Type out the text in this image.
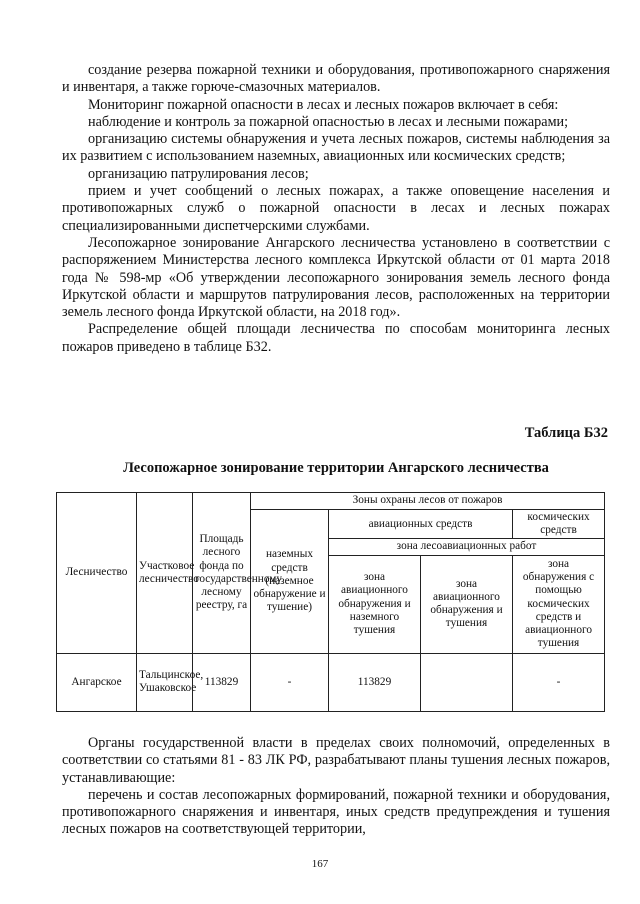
создание резерва пожарной техники и оборудования, противопожарного снаряжения и инвентаря, а также горюче-смазочных материалов.

Мониторинг пожарной опасности в лесах и лесных пожаров включает в себя:

наблюдение и контроль за пожарной опасностью в лесах и лесными пожарами;

организацию системы обнаружения и учета лесных пожаров, системы наблюдения за их развитием с использованием наземных, авиационных или космических средств;

организацию патрулирования лесов;

прием и учет сообщений о лесных пожарах, а также оповещение населения и противопожарных служб о пожарной опасности в лесах и лесных пожарах специализированными диспетчерскими службами.

Лесопожарное зонирование Ангарского лесничества установлено в соответствии с распоряжением Министерства лесного комплекса Иркутской области от 01 марта 2018 года № 598-мр «Об утверждении лесопожарного зонирования земель лесного фонда Иркутской области и маршрутов патрулирования лесов, расположенных на территории земель лесного фонда Иркутской области, на 2018 год».

Распределение общей площади лесничества по способам мониторинга лесных пожаров приведено в таблице Б32.

Таблица Б32
Лесопожарное зонирование территории Ангарского лесничества
Лесничество	Участковое лесничество	Площадь лесного фонда по государственному лесному реестру, га	Зоны охраны лесов от пожаров			
			наземных средств (наземное обнаружение и тушение)	авиационных средств		космических средств
				зона лесоавиационных работ		
				зона авиационного обнаружения и наземного тушения	зона авиационного обнаружения и тушения	зона обнаружения с помощью космических средств и авиационного тушения
Ангарское	Тальцинское, Ушаковское	113829	-	113829		-

Органы государственной власти в пределах своих полномочий, определенных в соответствии со статьями 81 - 83 ЛК РФ, разрабатывают планы тушения лесных пожаров, устанавливающие:

перечень и состав лесопожарных формирований, пожарной техники и оборудования, противопожарного снаряжения и инвентаря, иных средств предупреждения и тушения лесных пожаров на соответствующей территории,

167
